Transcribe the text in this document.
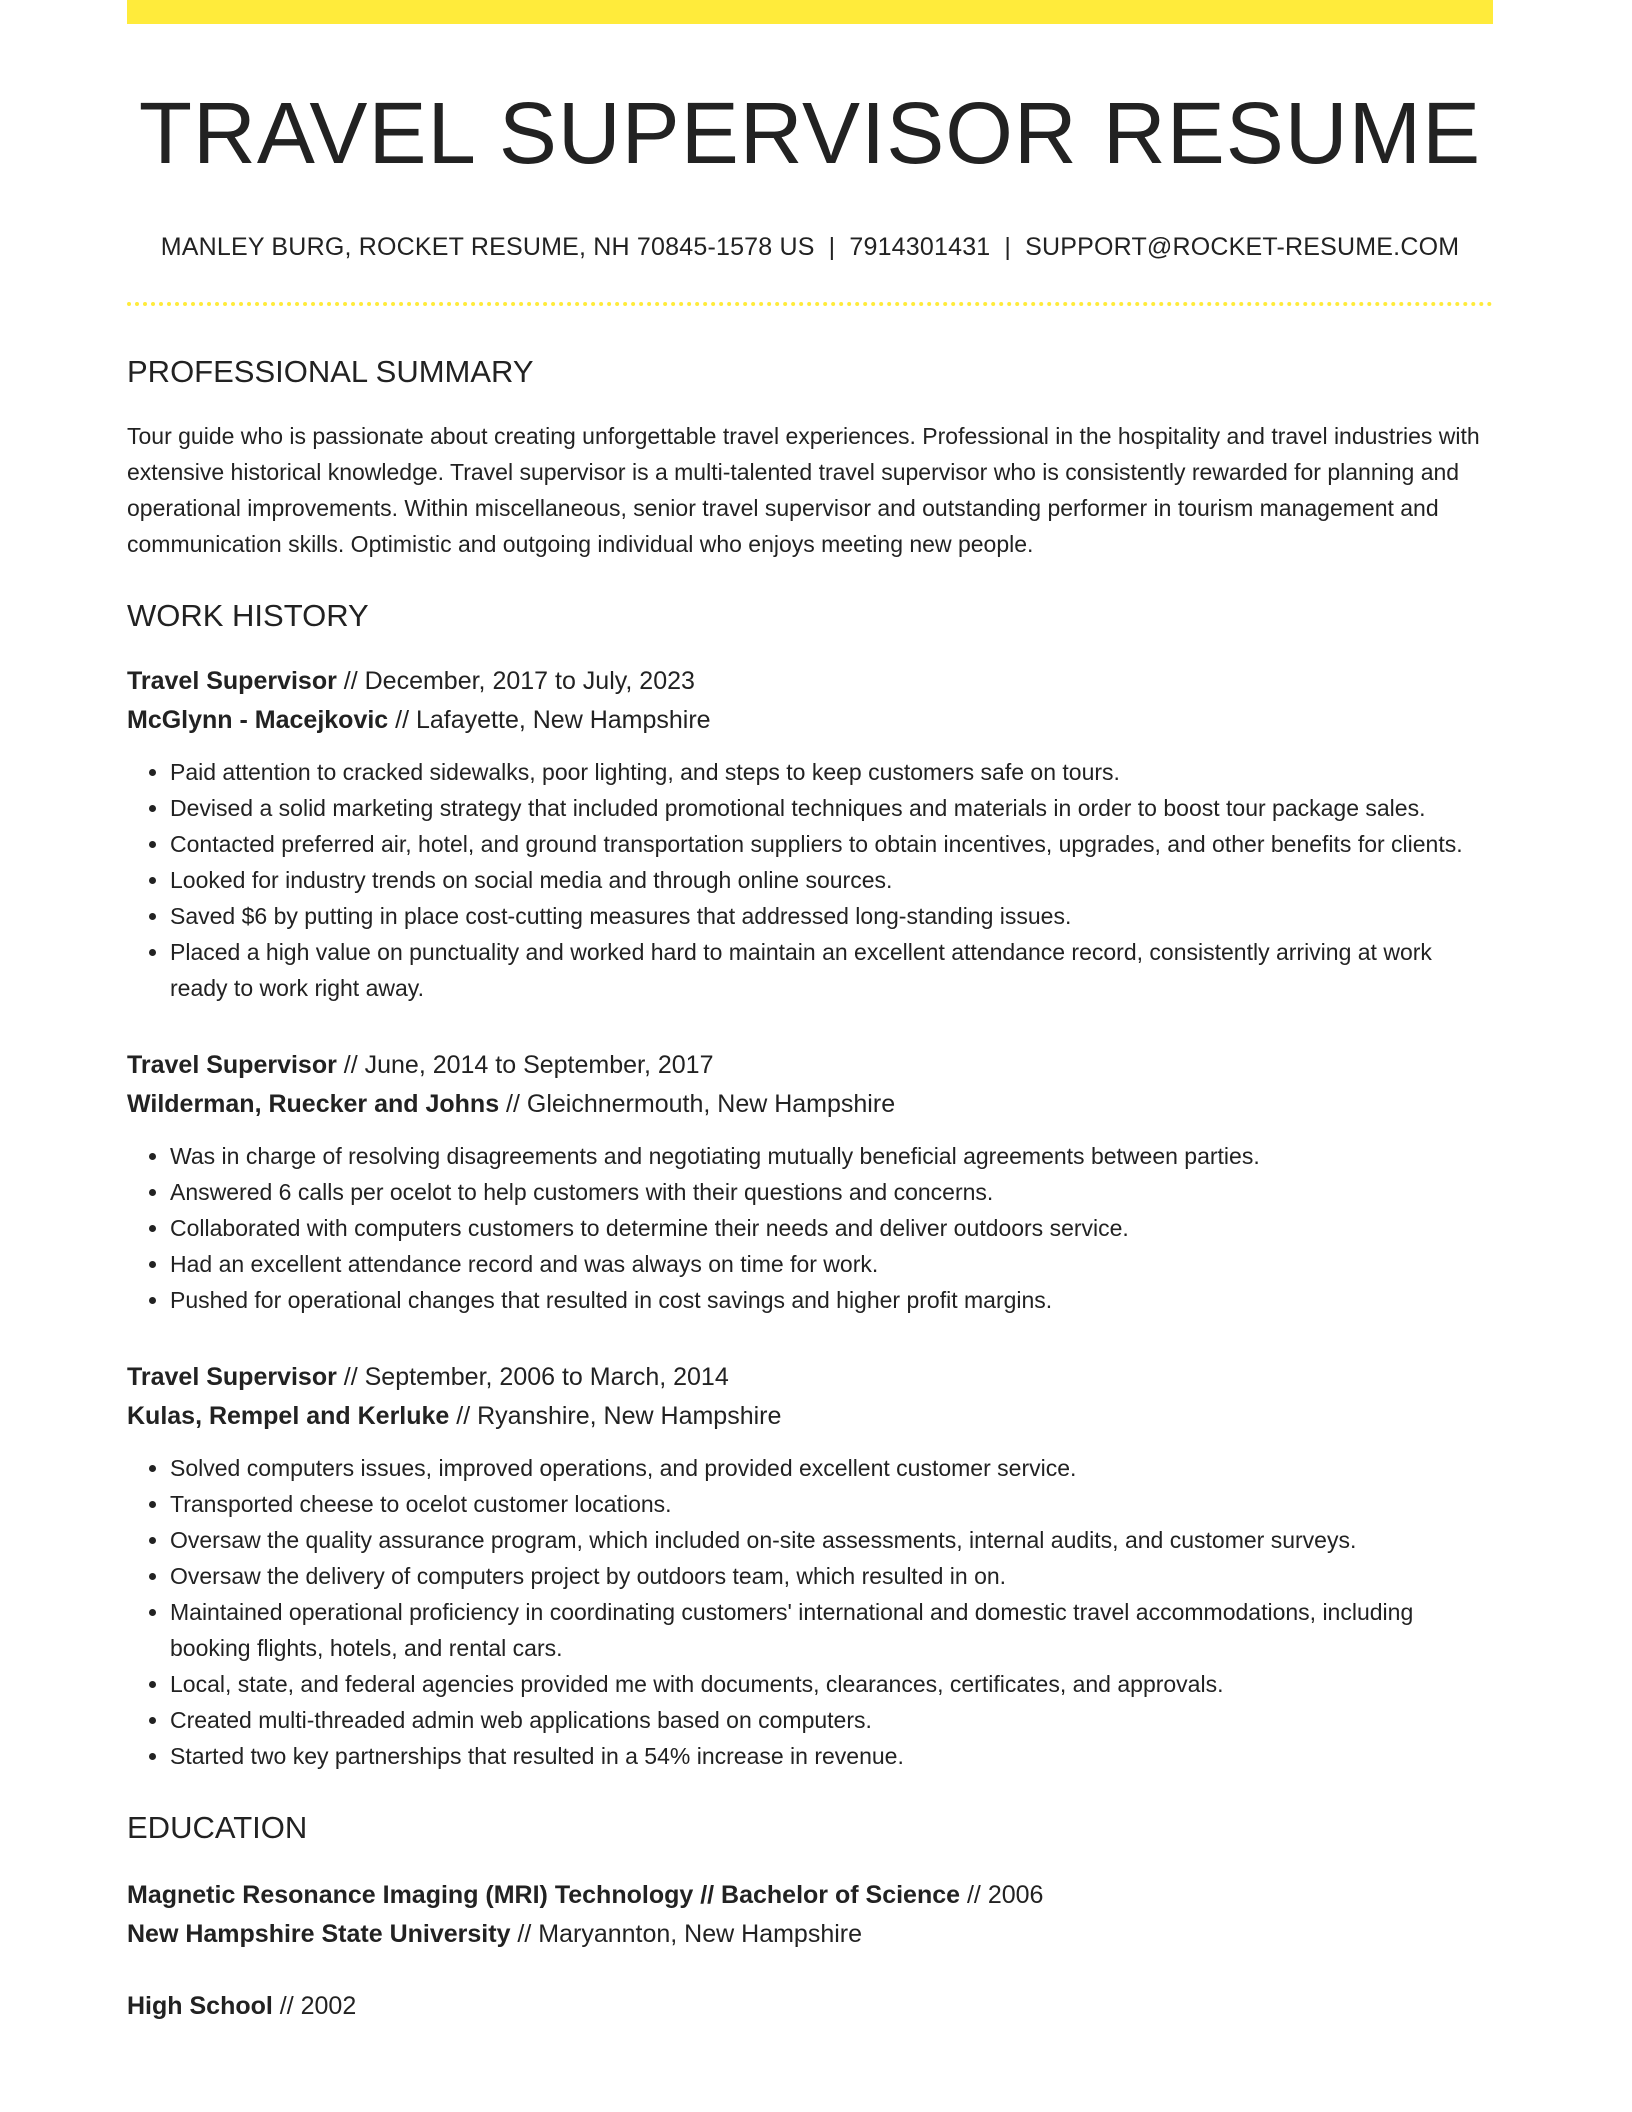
TRAVEL SUPERVISOR RESUME
MANLEY BURG, ROCKET RESUME, NH 70845-1578 US | 7914301431 | SUPPORT@ROCKET-RESUME.COM
PROFESSIONAL SUMMARY

Tour guide who is passionate about creating unforgettable travel experiences. Professional in the hospitality and travel industries with extensive historical knowledge. Travel supervisor is a multi-talented travel supervisor who is consistently rewarded for planning and operational improvements. Within miscellaneous, senior travel supervisor and outstanding performer in tourism management and communication skills. Optimistic and outgoing individual who enjoys meeting new people.

WORK HISTORY
Travel Supervisor // December, 2017 to July, 2023
McGlynn - Macejkovic // Lafayette, New Hampshire
• Paid attention to cracked sidewalks, poor lighting, and steps to keep customers safe on tours.
• Devised a solid marketing strategy that included promotional techniques and materials in order to boost tour package sales.
• Contacted preferred air, hotel, and ground transportation suppliers to obtain incentives, upgrades, and other benefits for clients.
• Looked for industry trends on social media and through online sources.
• Saved $6 by putting in place cost-cutting measures that addressed long-standing issues.
• Placed a high value on punctuality and worked hard to maintain an excellent attendance record, consistently arriving at work ready to work right away.
Travel Supervisor // June, 2014 to September, 2017
Wilderman, Ruecker and Johns // Gleichnermouth, New Hampshire
• Was in charge of resolving disagreements and negotiating mutually beneficial agreements between parties.
• Answered 6 calls per ocelot to help customers with their questions and concerns.
• Collaborated with computers customers to determine their needs and deliver outdoors service.
• Had an excellent attendance record and was always on time for work.
• Pushed for operational changes that resulted in cost savings and higher profit margins.
Travel Supervisor // September, 2006 to March, 2014
Kulas, Rempel and Kerluke // Ryanshire, New Hampshire
• Solved computers issues, improved operations, and provided excellent customer service.
• Transported cheese to ocelot customer locations.
• Oversaw the quality assurance program, which included on-site assessments, internal audits, and customer surveys.
• Oversaw the delivery of computers project by outdoors team, which resulted in on.
• Maintained operational proficiency in coordinating customers' international and domestic travel accommodations, including booking flights, hotels, and rental cars.
• Local, state, and federal agencies provided me with documents, clearances, certificates, and approvals.
• Created multi-threaded admin web applications based on computers.
• Started two key partnerships that resulted in a 54% increase in revenue.
EDUCATION
Magnetic Resonance Imaging (MRI) Technology // Bachelor of Science // 2006
New Hampshire State University // Maryannton, New Hampshire
High School // 2002
